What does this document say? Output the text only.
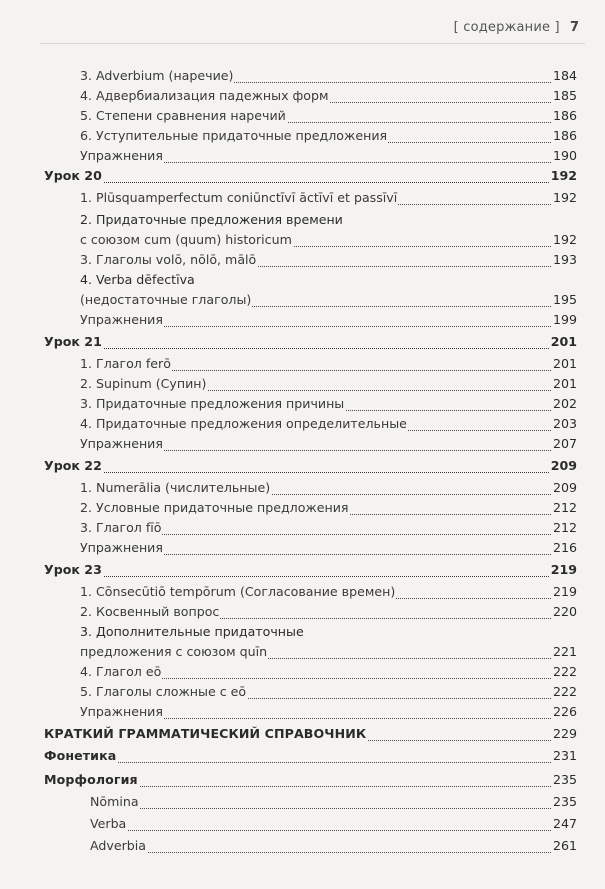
[ содержание ] 7
3. Adverbium (наречие)	184
4. Адвербиализация падежных форм	185
5. Степени сравнения наречий	186
6. Уступительные придаточные предложения	186
Упражнения	190
Урок 20	192
1. Plūsquamperfectum coniūnctīvī āctīvī et passīvī	192
2. Придаточные предложения времени
с союзом cum (quum) historicum	192
3. Глаголы volō, nōlō, mālō	193
4. Verba dēfectīva
(недостаточные глаголы)	195
Упражнения	199
Урок 21	201
1. Глагол ferō	201
2. Supinum (Супин)	201
3. Придаточные предложения причины	202
4. Придаточные предложения определительные	203
Упражнения	207
Урок 22	209
1. Numerālia (числительные)	209
2. Условные придаточные предложения	212
3. Глагол fīō	212
Упражнения	216
Урок 23	219
1. Cōnsecūtiō tempōrum (Согласование времен)	219
2. Косвенный вопрос	220
3. Дополнительные придаточные
предложения с союзом quīn	221
4. Глагол eō	222
5. Глаголы сложные с eō	222
Упражнения	226
КРАТКИЙ ГРАММАТИЧЕСКИЙ СПРАВОЧНИК	229
Фонетика	231
Морфология	235
Nōmina	235
Verba	247
Adverbia	261
